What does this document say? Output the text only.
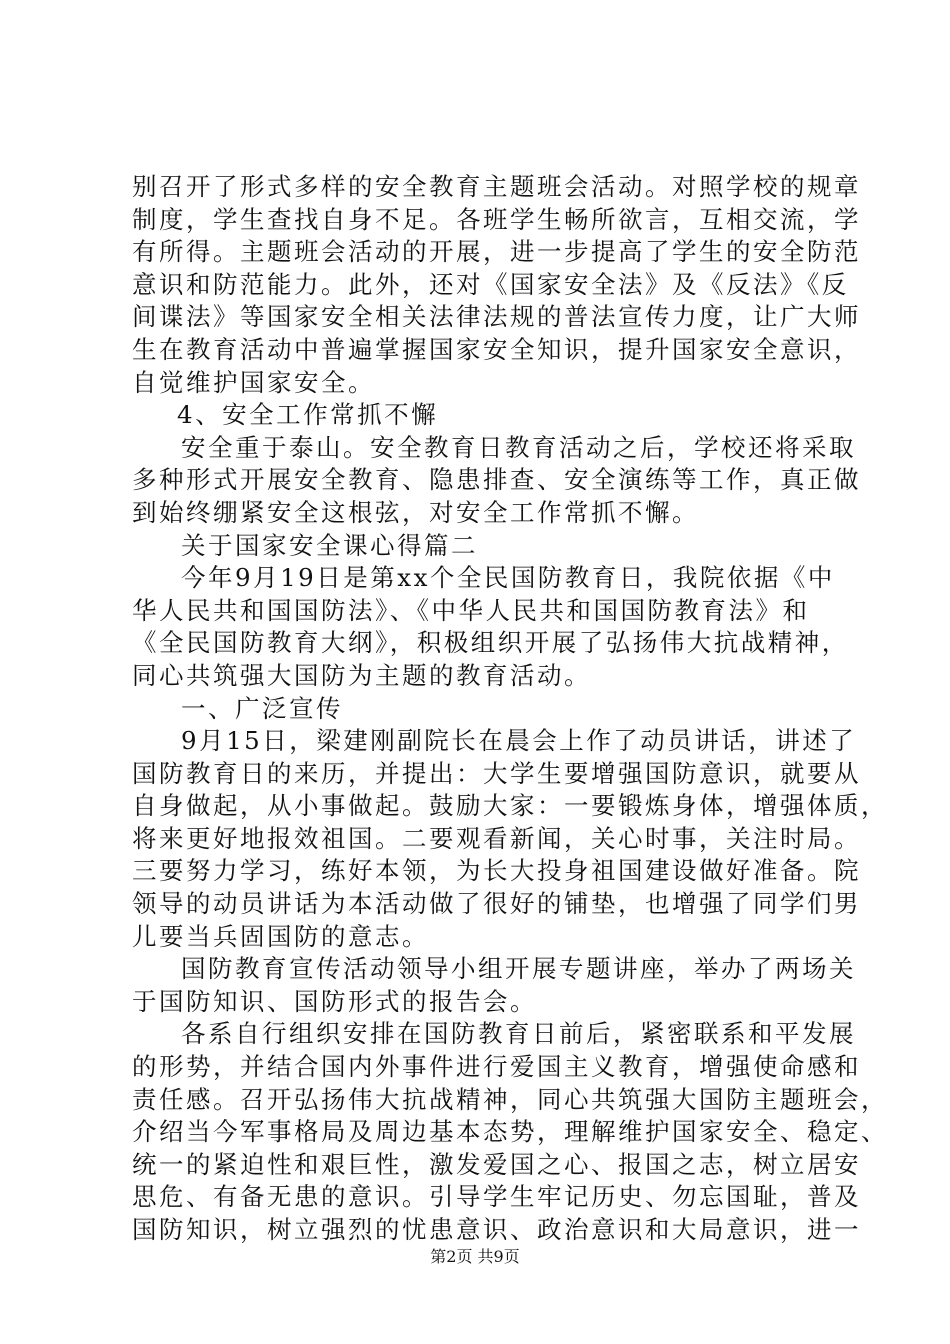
别召开了形式多样的安全教育主题班会活动。对照学校的规章
制度，学生查找自身不足。各班学生畅所欲言，互相交流，学
有所得。主题班会活动的开展，进一步提高了学生的安全防范
意识和防范能力。此外，还对《国家安全法》及《反法》《反
间谍法》等国家安全相关法律法规的普法宣传力度，让广大师
生在教育活动中普遍掌握国家安全知识，提升国家安全意识，
自觉维护国家安全。
4、安全工作常抓不懈
安全重于泰山。安全教育日教育活动之后，学校还将采取
多种形式开展安全教育、隐患排查、安全演练等工作，真正做
到始终绷紧安全这根弦，对安全工作常抓不懈。
关于国家安全课心得篇二
今年9月19日是第xx个全民国防教育日，我院依据《中
华人民共和国国防法》、《中华人民共和国国防教育法》和
《全民国防教育大纲》，积极组织开展了弘扬伟大抗战精神，
同心共筑强大国防为主题的教育活动。
一、广泛宣传
9月15日，梁建刚副院长在晨会上作了动员讲话，讲述了
国防教育日的来历，并提出：大学生要增强国防意识，就要从
自身做起，从小事做起。鼓励大家：一要锻炼身体，增强体质，
将来更好地报效祖国。二要观看新闻，关心时事，关注时局。
三要努力学习，练好本领，为长大投身祖国建设做好准备。院
领导的动员讲话为本活动做了很好的铺垫，也增强了同学们男
儿要当兵固国防的意志。
国防教育宣传活动领导小组开展专题讲座，举办了两场关
于国防知识、国防形式的报告会。
各系自行组织安排在国防教育日前后，紧密联系和平发展
的形势，并结合国内外事件进行爱国主义教育，增强使命感和
责任感。召开弘扬伟大抗战精神，同心共筑强大国防主题班会，
介绍当今军事格局及周边基本态势，理解维护国家安全、稳定、
统一的紧迫性和艰巨性，激发爱国之心、报国之志，树立居安
思危、有备无患的意识。引导学生牢记历史、勿忘国耻，普及
国防知识，树立强烈的忧患意识、政治意识和大局意识，进一
第2页 共9页
